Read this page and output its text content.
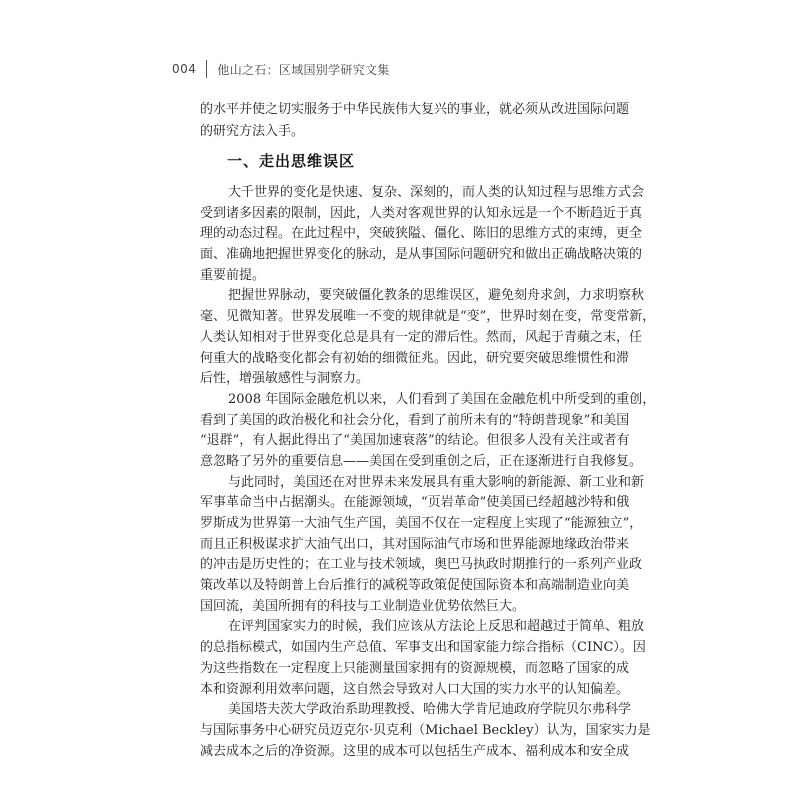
004 他山之石：区域国别学研究文集
的水平并使之切实服务于中华民族伟大复兴的事业，就必须从改进国际问题
的研究方法入手。
一、走出思维误区
大千世界的变化是快速、复杂、深刻的，而人类的认知过程与思维方式会
受到诸多因素的限制，因此，人类对客观世界的认知永远是一个不断趋近于真
理的动态过程。在此过程中，突破狭隘、僵化、陈旧的思维方式的束缚，更全
面、准确地把握世界变化的脉动，是从事国际问题研究和做出正确战略决策的
重要前提。
把握世界脉动，要突破僵化教条的思维误区，避免刻舟求剑，力求明察秋
毫、见微知著。世界发展唯一不变的规律就是“变”，世界时刻在变，常变常新，
人类认知相对于世界变化总是具有一定的滞后性。然而，风起于青蘋之末，任
何重大的战略变化都会有初始的细微征兆。因此，研究要突破思维惯性和滞
后性，增强敏感性与洞察力。
2008 年国际金融危机以来，人们看到了美国在金融危机中所受到的重创，
看到了美国的政治极化和社会分化，看到了前所未有的“特朗普现象”和美国
“退群”，有人据此得出了“美国加速衰落”的结论。但很多人没有关注或者有
意忽略了另外的重要信息——美国在受到重创之后，正在逐渐进行自我修复。
与此同时，美国还在对世界未来发展具有重大影响的新能源、新工业和新
军事革命当中占据潮头。在能源领域，“页岩革命”使美国已经超越沙特和俄
罗斯成为世界第一大油气生产国，美国不仅在一定程度上实现了“能源独立”，
而且正积极谋求扩大油气出口，其对国际油气市场和世界能源地缘政治带来
的冲击是历史性的；在工业与技术领域，奥巴马执政时期推行的一系列产业政
策改革以及特朗普上台后推行的减税等政策促使国际资本和高端制造业向美
国回流，美国所拥有的科技与工业制造业优势依然巨大。
在评判国家实力的时候，我们应该从方法论上反思和超越过于简单、粗放
的总指标模式，如国内生产总值、军事支出和国家能力综合指标（CINC）。因
为这些指数在一定程度上只能测量国家拥有的资源规模，而忽略了国家的成
本和资源利用效率问题，这自然会导致对人口大国的实力水平的认知偏差。
美国塔夫茨大学政治系助理教授、哈佛大学肯尼迪政府学院贝尔弗科学
与国际事务中心研究员迈克尔·贝克利（Michael Beckley）认为，国家实力是
减去成本之后的净资源。这里的成本可以包括生产成本、福利成本和安全成
